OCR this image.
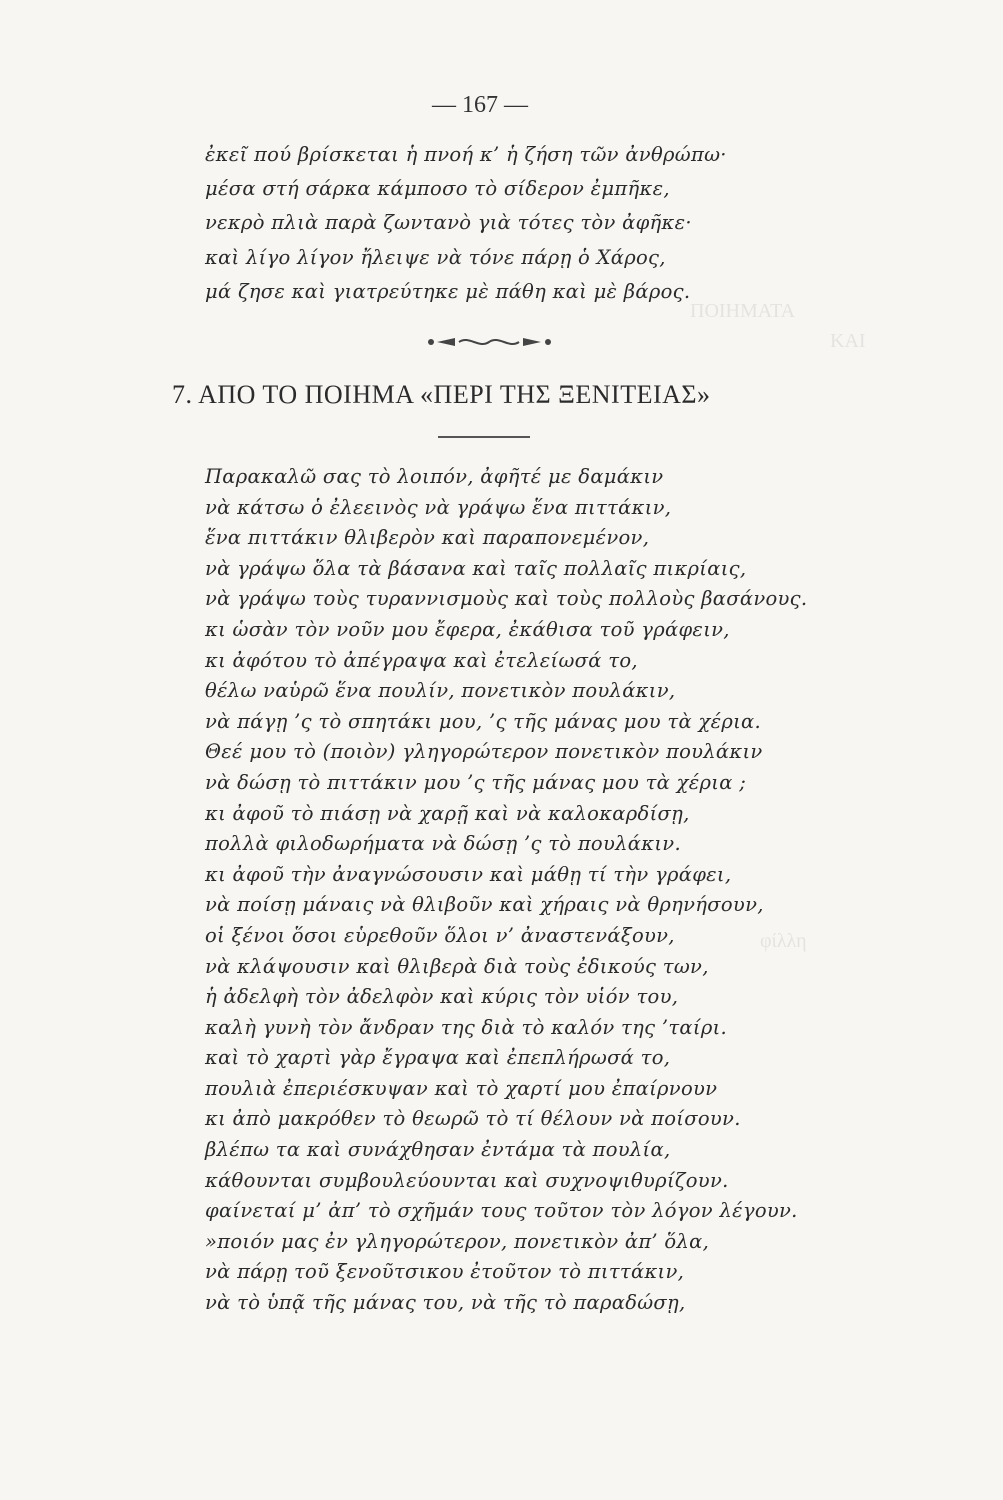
ΠΟΙΗΜΑΤΑ
ΚΑΙ
φίλλη
— 167 —
ἐκεῖ πού βρίσκεται ἡ πνοή κ’ ἡ ζήση τῶν ἀνθρώπω·
μέσα στή σάρκα κάμποσο τὸ σίδερον ἐμπῆκε,
νεκρὸ πλιὰ παρὰ ζωντανὸ γιὰ τότες τὸν ἀφῆκε·
καὶ λίγο λίγον ἤλειψε νὰ τόνε πάρῃ ὁ Χάρος,
μά ζησε καὶ γιατρεύτηκε μὲ πάθη καὶ μὲ βάρος.
7. ΑΠΟ ΤΟ ΠΟΙΗΜΑ «ΠΕΡΙ ΤΗΣ ΞΕΝΙΤΕΙΑΣ»
Παρακαλῶ σας τὸ λοιπόν, ἀφῆτέ με δαμάκιν
νὰ κάτσω ὁ ἐλεεινὸς νὰ γράψω ἕνα πιττάκιν,
ἕνα πιττάκιν θλιβερὸν καὶ παραπονεμένον,
νὰ γράψω ὅλα τὰ βάσανα καὶ ταῖς πολλαῖς πικρίαις,
νὰ γράψω τοὺς τυραννισμοὺς καὶ τοὺς πολλοὺς βασάνους.
κι ὡσὰν τὸν νοῦν μου ἔφερα, ἐκάθισα τοῦ γράφειν,
κι ἀφότου τὸ ἀπέγραψα καὶ ἐτελείωσά το,
θέλω ναὑρῶ ἕνα πουλίν, πονετικὸν πουλάκιν,
νὰ πάγῃ ’ς τὸ σπητάκι μου, ’ς τῆς μάνας μου τὰ χέρια.
Θεέ μου τὸ (ποιὸν) γληγορώτερον πονετικὸν πουλάκιν
νὰ δώσῃ τὸ πιττάκιν μου ’ς τῆς μάνας μου τὰ χέρια ;
κι ἀφοῦ τὸ πιάσῃ νὰ χαρῇ καὶ νὰ καλοκαρδίσῃ,
πολλὰ φιλοδωρήματα νὰ δώσῃ ’ς τὸ πουλάκιν.
κι ἀφοῦ τὴν ἀναγνώσουσιν καὶ μάθῃ τί τὴν γράφει,
νὰ ποίσῃ μάναις νὰ θλιβοῦν καὶ χήραις νὰ θρηνήσουν,
οἱ ξένοι ὅσοι εὑρεθοῦν ὅλοι ν’ ἀναστενάξουν,
νὰ κλάψουσιν καὶ θλιβερὰ διὰ τοὺς ἐδικούς των,
ἡ ἀδελφὴ τὸν ἀδελφὸν καὶ κύρις τὸν υἱόν του,
καλὴ γυνὴ τὸν ἄνδραν της διὰ τὸ καλόν της ’ταίρι.
καὶ τὸ χαρτὶ γὰρ ἔγραψα καὶ ἐπεπλήρωσά το,
πουλιὰ ἐπεριέσκυψαν καὶ τὸ χαρτί μου ἐπαίρνουν
κι ἀπὸ μακρόθεν τὸ θεωρῶ τὸ τί θέλουν νὰ ποίσουν.
βλέπω τα καὶ συνάχθησαν ἐντάμα τὰ πουλία,
κάθουνται συμβουλεύουνται καὶ συχνοψιθυρίζουν.
φαίνεταί μ’ ἀπ’ τὸ σχῆμάν τους τοῦτον τὸν λόγον λέγουν.
»ποιόν μας ἐν γληγορώτερον, πονετικὸν ἀπ’ ὅλα,
νὰ πάρῃ τοῦ ξενοῦτσικου ἐτοῦτον τὸ πιττάκιν,
νὰ τὸ ὑπᾷ τῆς μάνας του, νὰ τῆς τὸ παραδώσῃ,
